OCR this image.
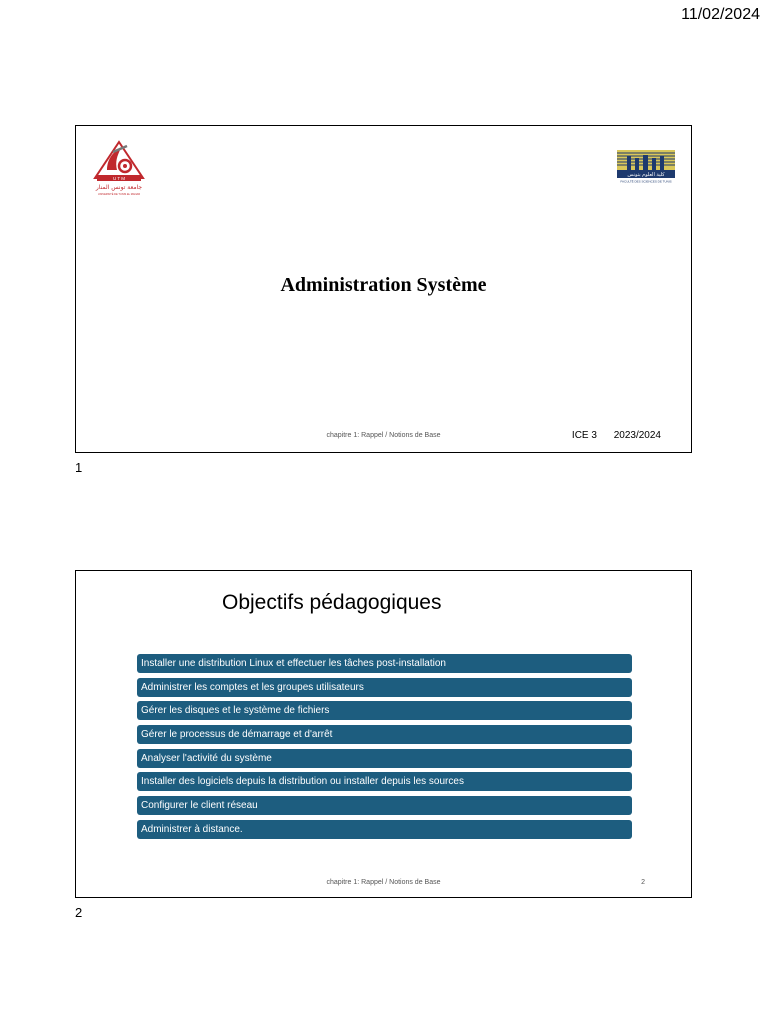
11/02/2024
U T M
جامعة تونس المنار
UNIVERSITÉ DE TUNIS EL MANAR
كلية العلوم بتونس
FACULTÉ DES SCIENCES DE TUNIS
Administration Système
chapitre 1: Rappel / Notions de Base	ICE 3 2023/2024
1
Objectifs pédagogiques
Installer une distribution Linux et effectuer les tâches post-installation
Administrer les comptes et les groupes utilisateurs
Gérer les disques et le système de fichiers
Gérer le processus de démarrage et d'arrêt
Analyser l'activité du système
Installer des logiciels depuis la distribution ou installer depuis les sources
Configurer le client réseau
Administrer à distance.
chapitre 1: Rappel / Notions de Base	2
2
